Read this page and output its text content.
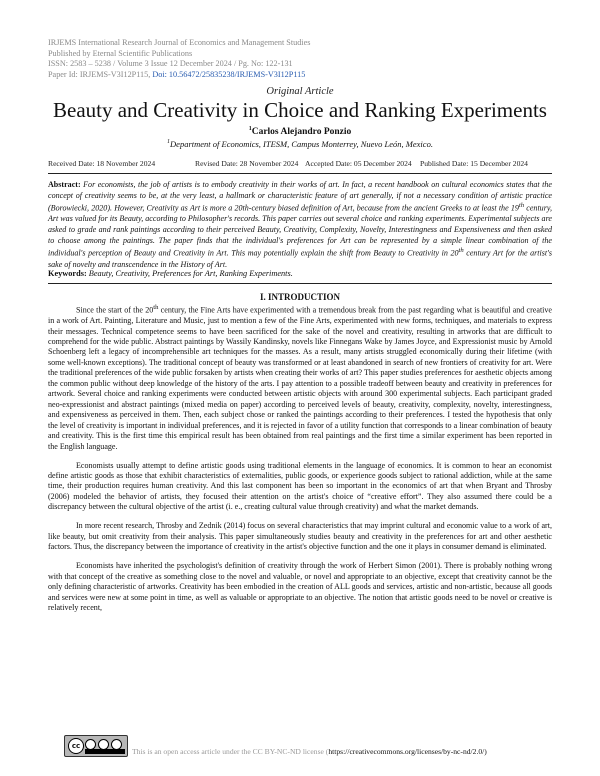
IRJEMS International Research Journal of Economics and Management Studies
Published by Eternal Scientific Publications
ISSN: 2583 – 5238 / Volume 3 Issue 12 December 2024 / Pg. No: 122-131
Paper Id: IRJEMS-V3I12P115, Doi: 10.56472/25835238/IRJEMS-V3I12P115
Original Article
Beauty and Creativity in Choice and Ranking Experiments
$^1$Carlos Alejandro Ponzio
$^1$Department of Economics, ITESM, Campus Monterrey, Nuevo León, Mexico.
Received Date: 18 November 2024	Revised Date: 28 November 2024 Accepted Date: 05 December 2024 Published Date: 15 December 2024
Abstract: For economists, the job of artists is to embody creativity in their works of art. In fact, a recent handbook on cultural economics states that the concept of creativity seems to be, at the very least, a hallmark or characteristic feature of art generally, if not a necessary condition of artistic practice (Borowiecki, 2020). However, Creativity as Art is more a 20th-century biased definition of Art, because from the ancient Greeks to at least the 19th century, Art was valued for its Beauty, according to Philosopher's records. This paper carries out several choice and ranking experiments. Experimental subjects are asked to grade and rank paintings according to their perceived Beauty, Creativity, Complexity, Novelty, Interestingness and Expensiveness and then asked to choose among the paintings. The paper finds that the individual's preferences for Art can be represented by a simple linear combination of the individual's perception of Beauty and Creativity in Art. This may potentially explain the shift from Beauty to Creativity in 20th century Art for the artist's sake of novelty and transcendence in the History of Art.
Keywords: Beauty, Creativity, Preferences for Art, Ranking Experiments.
I. INTRODUCTION

Since the start of the 20th century, the Fine Arts have experimented with a tremendous break from the past regarding what is beautiful and creative in a work of Art. Painting, Literature and Music, just to mention a few of the Fine Arts, experimented with new forms, techniques, and materials to express their messages. Technical competence seems to have been sacrificed for the sake of the novel and creativity, resulting in artworks that are difficult to comprehend for the wide public. Abstract paintings by Wassily Kandinsky, novels like Finnegans Wake by James Joyce, and Expressionist music by Arnold Schoenberg left a legacy of incomprehensible art techniques for the masses. As a result, many artists struggled economically during their lifetime (with some well-known exceptions). The traditional concept of beauty was transformed or at least abandoned in search of new frontiers of creativity for art. Were the traditional preferences of the wide public forsaken by artists when creating their works of art? This paper studies preferences for aesthetic objects among the common public without deep knowledge of the history of the arts. I pay attention to a possible tradeoff between beauty and creativity in preferences for artwork. Several choice and ranking experiments were conducted between artistic objects with around 300 experimental subjects. Each participant graded neo-expressionist and abstract paintings (mixed media on paper) according to perceived levels of beauty, creativity, complexity, novelty, interestingness, and expensiveness as perceived in them. Then, each subject chose or ranked the paintings according to their preferences. I tested the hypothesis that only the level of creativity is important in individual preferences, and it is rejected in favor of a utility function that corresponds to a linear combination of beauty and creativity. This is the first time this empirical result has been obtained from real paintings and the first time a similar experiment has been reported in the English language.

Economists usually attempt to define artistic goods using traditional elements in the language of economics. It is common to hear an economist define artistic goods as those that exhibit characteristics of externalities, public goods, or experience goods subject to rational addiction, while at the same time, their production requires human creativity. And this last component has been so important in the economics of art that when Bryant and Throsby (2006) modeled the behavior of artists, they focused their attention on the artist's choice of “creative effort”. They also assumed there could be a discrepancy between the cultural objective of the artist (i. e., creating cultural value through creativity) and what the market demands.

In more recent research, Throsby and Zednik (2014) focus on several characteristics that may imprint cultural and economic value to a work of art, like beauty, but omit creativity from their analysis. This paper simultaneously studies beauty and creativity in the preferences for art and other aesthetic factors. Thus, the discrepancy between the importance of creativity in the artist's objective function and the one it plays in consumer demand is eliminated.

Economists have inherited the psychologist's definition of creativity through the work of Herbert Simon (2001). There is probably nothing wrong with that concept of the creative as something close to the novel and valuable, or novel and appropriate to an objective, except that creativity cannot be the only defining characteristic of artworks. Creativity has been embodied in the creation of ALL goods and services, artistic and non-artistic, because all goods and services were new at some point in time, as well as valuable or appropriate to an objective. The notion that artistic goods need to be novel or creative is relatively recent,

cc
This is an open access article under the CC BY-NC-ND license (https://creativecommons.org/licenses/by-nc-nd/2.0/)
